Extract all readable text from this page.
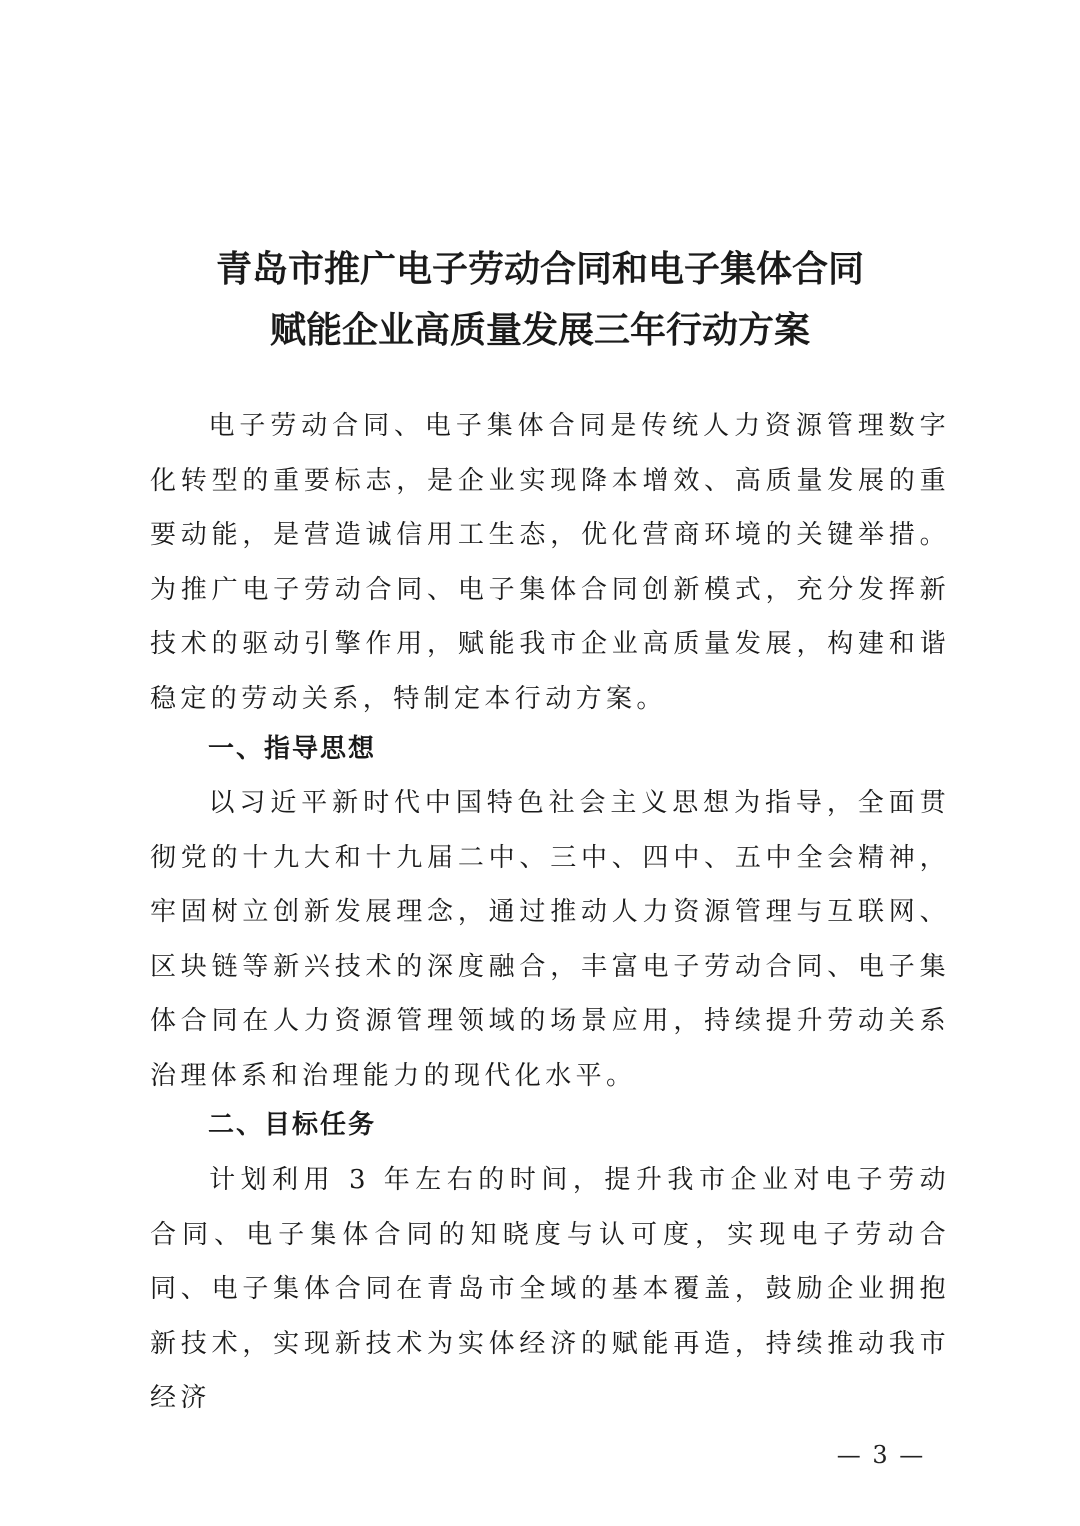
青岛市推广电子劳动合同和电子集体合同
赋能企业高质量发展三年行动方案

电子劳动合同、电子集体合同是传统人力资源管理数字化转型的重要标志，是企业实现降本增效、高质量发展的重要动能，是营造诚信用工生态，优化营商环境的关键举措。为推广电子劳动合同、电子集体合同创新模式，充分发挥新技术的驱动引擎作用，赋能我市企业高质量发展，构建和谐稳定的劳动关系，特制定本行动方案。

一、指导思想

以习近平新时代中国特色社会主义思想为指导，全面贯彻党的十九大和十九届二中、三中、四中、五中全会精神，牢固树立创新发展理念，通过推动人力资源管理与互联网、区块链等新兴技术的深度融合，丰富电子劳动合同、电子集体合同在人力资源管理领域的场景应用，持续提升劳动关系治理体系和治理能力的现代化水平。

二、目标任务

计划利用 3 年左右的时间，提升我市企业对电子劳动合同、电子集体合同的知晓度与认可度，实现电子劳动合同、电子集体合同在青岛市全域的基本覆盖，鼓励企业拥抱新技术，实现新技术为实体经济的赋能再造，持续推动我市经济

— 3 —
